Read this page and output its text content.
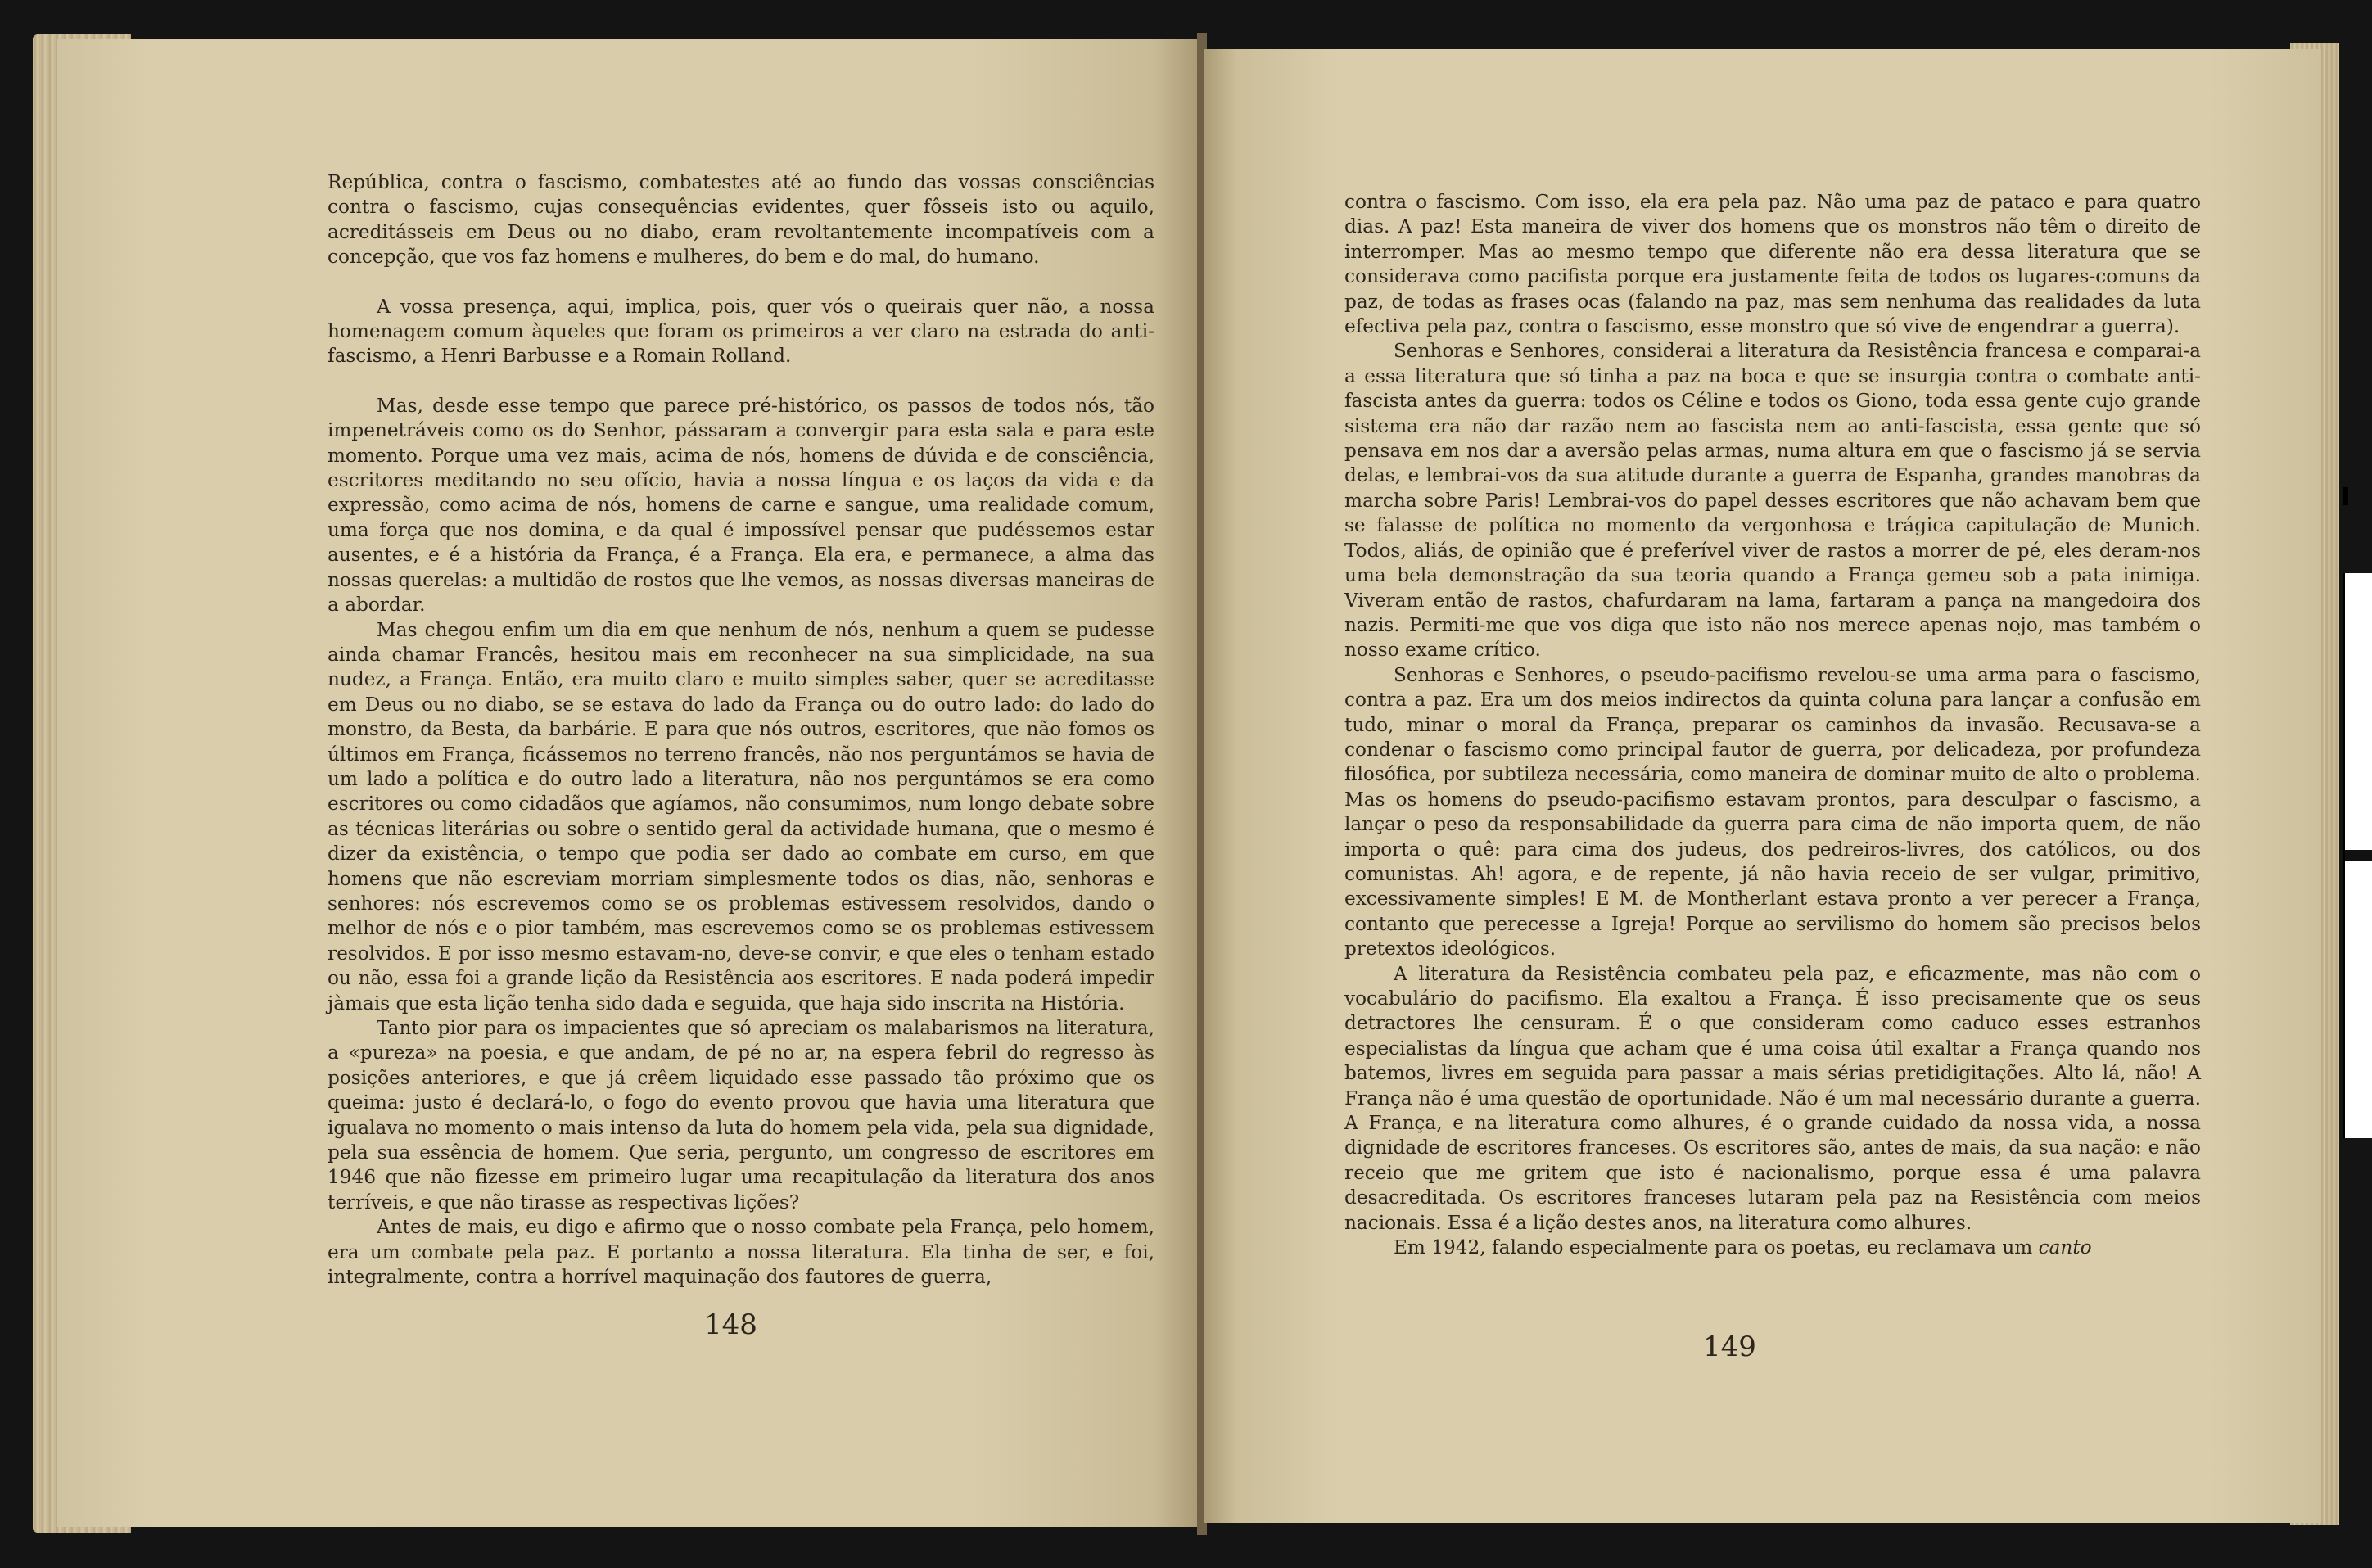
República, contra o fascismo, combatestes até ao fundo das vossas consciências contra o fascismo, cujas consequências evidentes, quer fôsseis isto ou aquilo, acreditásseis em Deus ou no diabo, eram revoltantemente incompatíveis com a concepção, que vos faz homens e mulheres, do bem e do mal, do humano.

A vossa presença, aqui, implica, pois, quer vós o queirais quer não, a nossa homenagem comum àqueles que foram os primeiros a ver claro na estrada do anti-fascismo, a Henri Barbusse e a Romain Rolland.

Mas, desde esse tempo que parece pré-histórico, os passos de todos nós, tão impenetráveis como os do Senhor, pássaram a convergir para esta sala e para este momento. Porque uma vez mais, acima de nós, homens de dúvida e de consciência, escritores meditando no seu ofício, havia a nossa língua e os laços da vida e da expressão, como acima de nós, homens de carne e sangue, uma realidade comum, uma força que nos domina, e da qual é impossível pensar que pudéssemos estar ausentes, e é a história da França, é a França. Ela era, e permanece, a alma das nossas querelas: a multidão de rostos que lhe vemos, as nossas diversas maneiras de a abordar.

Mas chegou enfim um dia em que nenhum de nós, nenhum a quem se pudesse ainda chamar Francês, hesitou mais em reconhecer na sua simplicidade, na sua nudez, a França. Então, era muito claro e muito simples saber, quer se acreditasse em Deus ou no diabo, se se estava do lado da França ou do outro lado: do lado do monstro, da Besta, da barbárie. E para que nós outros, escritores, que não fomos os últimos em França, ficássemos no terreno francês, não nos perguntámos se havia de um lado a política e do outro lado a literatura, não nos perguntámos se era como escritores ou como cidadãos que agíamos, não consumimos, num longo debate sobre as técnicas literárias ou sobre o sentido geral da actividade humana, que o mesmo é dizer da existência, o tempo que podia ser dado ao combate em curso, em que homens que não escreviam morriam simplesmente todos os dias, não, senhoras e senhores: nós escrevemos como se os problemas estivessem resolvidos, dando o melhor de nós e o pior também, mas escrevemos como se os problemas estivessem resolvidos. E por isso mesmo estavam-no, deve-se convir, e que eles o tenham estado ou não, essa foi a grande lição da Resistência aos escritores. E nada poderá impedir jàmais que esta lição tenha sido dada e seguida, que haja sido inscrita na História.

Tanto pior para os impacientes que só apreciam os malabarismos na literatura, a «pureza» na poesia, e que andam, de pé no ar, na espera febril do regresso às posições anteriores, e que já crêem liquidado esse passado tão próximo que os queima: justo é declará-lo, o fogo do evento provou que havia uma literatura que igualava no momento o mais intenso da luta do homem pela vida, pela sua dignidade, pela sua essência de homem. Que seria, pergunto, um congresso de escritores em 1946 que não fizesse em primeiro lugar uma recapitulação da literatura dos anos terríveis, e que não tirasse as respectivas lições?

Antes de mais, eu digo e afirmo que o nosso combate pela França, pelo homem, era um combate pela paz. E portanto a nossa literatura. Ela tinha de ser, e foi, integralmente, contra a horrível maquinação dos fautores de guerra,

148

contra o fascismo. Com isso, ela era pela paz. Não uma paz de pataco e para quatro dias. A paz! Esta maneira de viver dos homens que os monstros não têm o direito de interromper. Mas ao mesmo tempo que diferente não era dessa literatura que se considerava como pacifista porque era justamente feita de todos os lugares-comuns da paz, de todas as frases ocas (falando na paz, mas sem nenhuma das realidades da luta efectiva pela paz, contra o fascismo, esse monstro que só vive de engendrar a guerra).

Senhoras e Senhores, considerai a literatura da Resistência francesa e comparai-a a essa literatura que só tinha a paz na boca e que se insurgia contra o combate anti-fascista antes da guerra: todos os Céline e todos os Giono, toda essa gente cujo grande sistema era não dar razão nem ao fascista nem ao anti-fascista, essa gente que só pensava em nos dar a aversão pelas armas, numa altura em que o fascismo já se servia delas, e lembrai-vos da sua atitude durante a guerra de Espanha, grandes manobras da marcha sobre Paris! Lembrai-vos do papel desses escritores que não achavam bem que se falasse de política no momento da vergonhosa e trágica capitulação de Munich. Todos, aliás, de opinião que é preferível viver de rastos a morrer de pé, eles deram-nos uma bela demonstração da sua teoria quando a França gemeu sob a pata inimiga. Viveram então de rastos, chafurdaram na lama, fartaram a pança na mangedoira dos nazis. Permiti-me que vos diga que isto não nos merece apenas nojo, mas também o nosso exame crítico.

Senhoras e Senhores, o pseudo-pacifismo revelou-se uma arma para o fascismo, contra a paz. Era um dos meios indirectos da quinta coluna para lançar a confusão em tudo, minar o moral da França, preparar os caminhos da invasão. Recusava-se a condenar o fascismo como principal fautor de guerra, por delicadeza, por profundeza filosófica, por subtileza necessária, como maneira de dominar muito de alto o problema. Mas os homens do pseudo-pacifismo estavam prontos, para desculpar o fascismo, a lançar o peso da responsabilidade da guerra para cima de não importa quem, de não importa o quê: para cima dos judeus, dos pedreiros-livres, dos católicos, ou dos comunistas. Ah! agora, e de repente, já não havia receio de ser vulgar, primitivo, excessivamente simples! E M. de Montherlant estava pronto a ver perecer a França, contanto que perecesse a Igreja! Porque ao servilismo do homem são precisos belos pretextos ideológicos.

A literatura da Resistência combateu pela paz, e eficazmente, mas não com o vocabulário do pacifismo. Ela exaltou a França. É isso precisamente que os seus detractores lhe censuram. É o que consideram como caduco esses estranhos especialistas da língua que acham que é uma coisa útil exaltar a França quando nos batemos, livres em seguida para passar a mais sérias pretidigitações. Alto lá, não! A França não é uma questão de oportunidade. Não é um mal necessário durante a guerra. A França, e na literatura como alhures, é o grande cuidado da nossa vida, a nossa dignidade de escritores franceses. Os escritores são, antes de mais, da sua nação: e não receio que me gritem que isto é nacionalismo, porque essa é uma palavra desacreditada. Os escritores franceses lutaram pela paz na Resistência com meios nacionais. Essa é a lição destes anos, na literatura como alhures.

Em 1942, falando especialmente para os poetas, eu reclamava um canto

149
